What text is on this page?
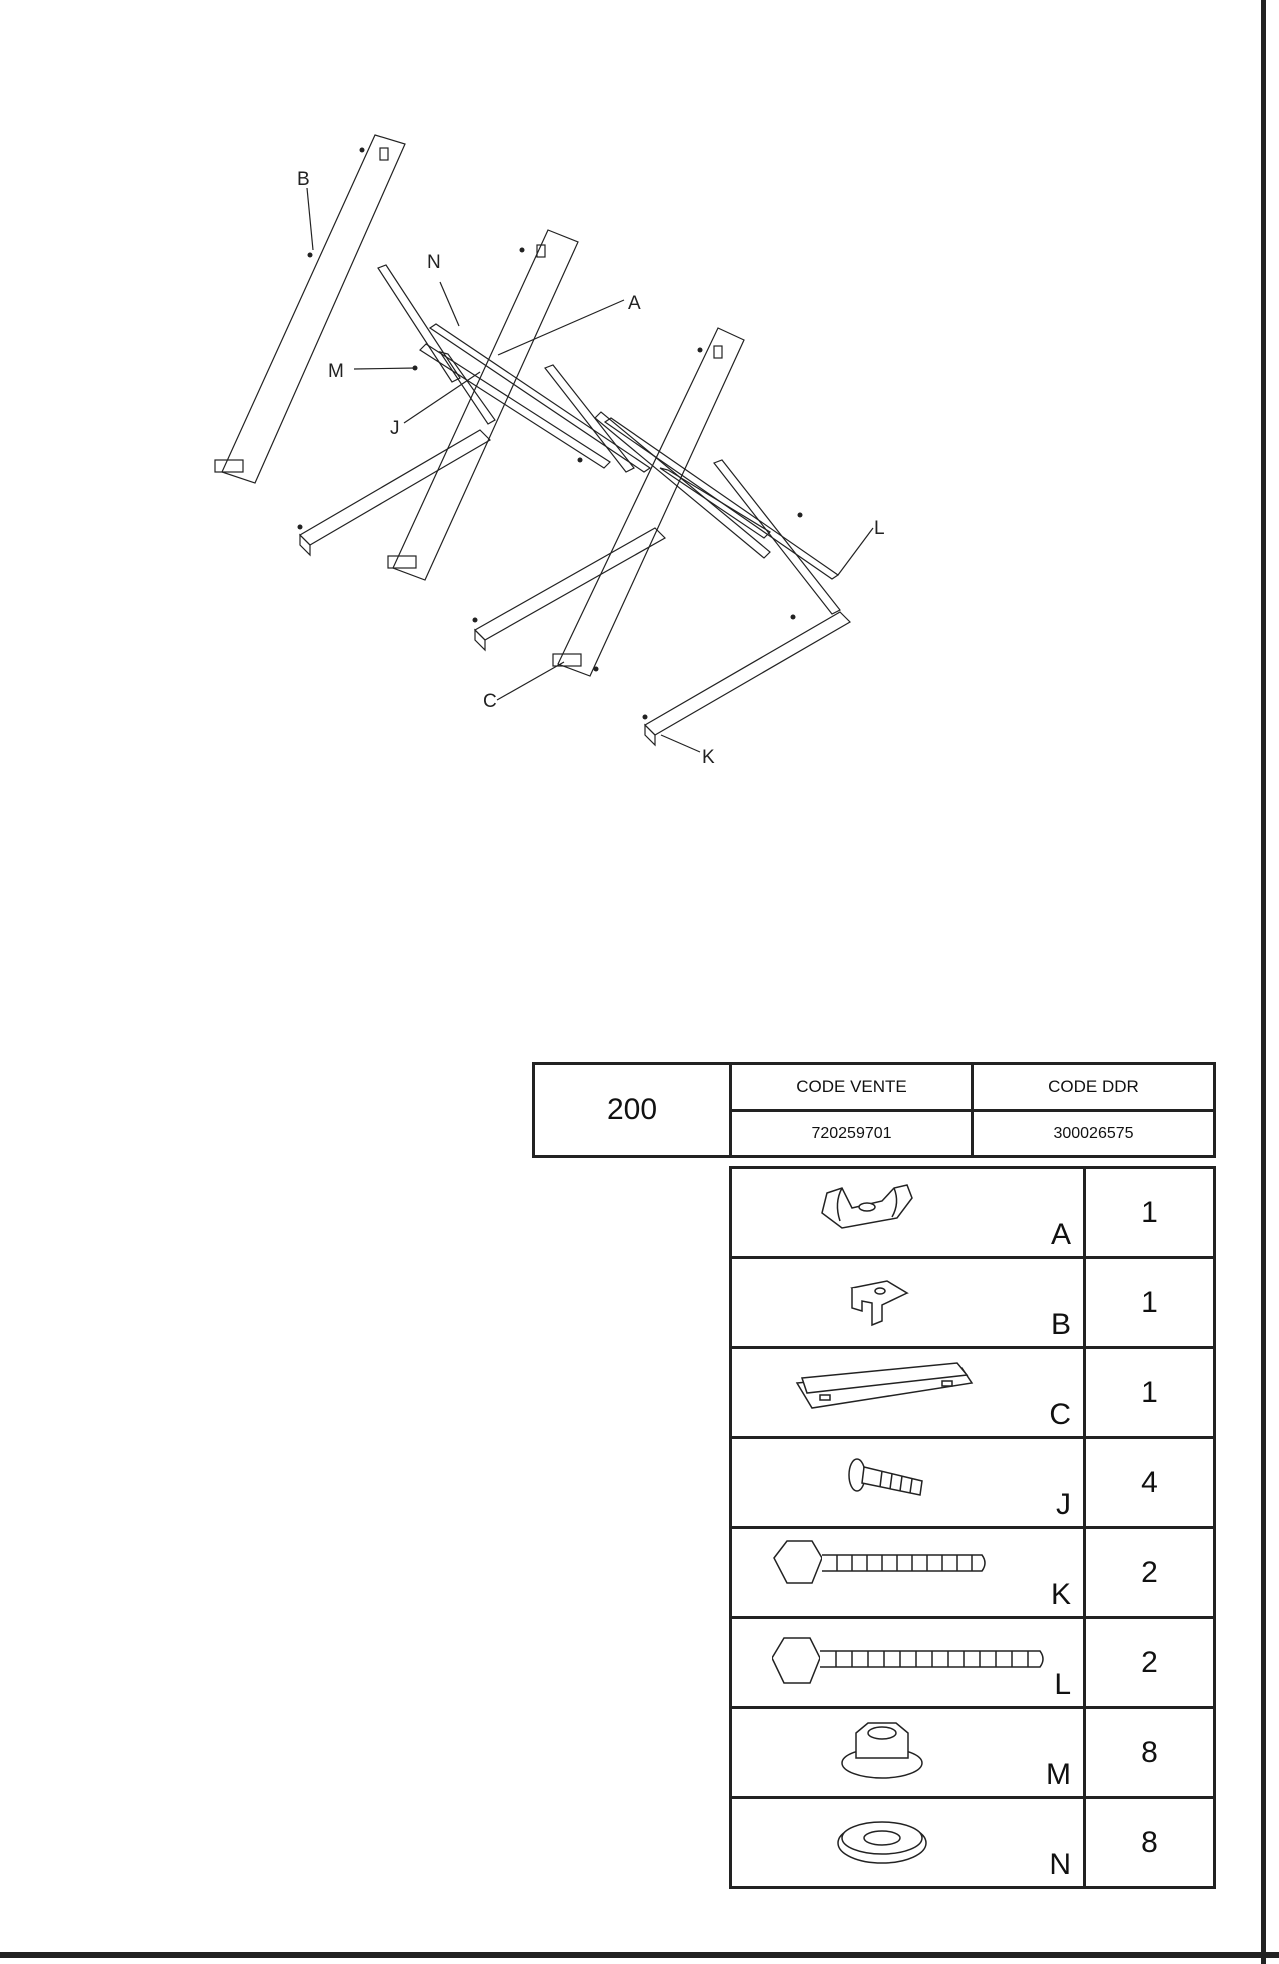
B
N
A
M
J
L
C
K
200	CODE VENTE	CODE DDR
	720259701	300026575
A	1

B	1

C	1

J	4

K	2

L	2

M	8

N	8
